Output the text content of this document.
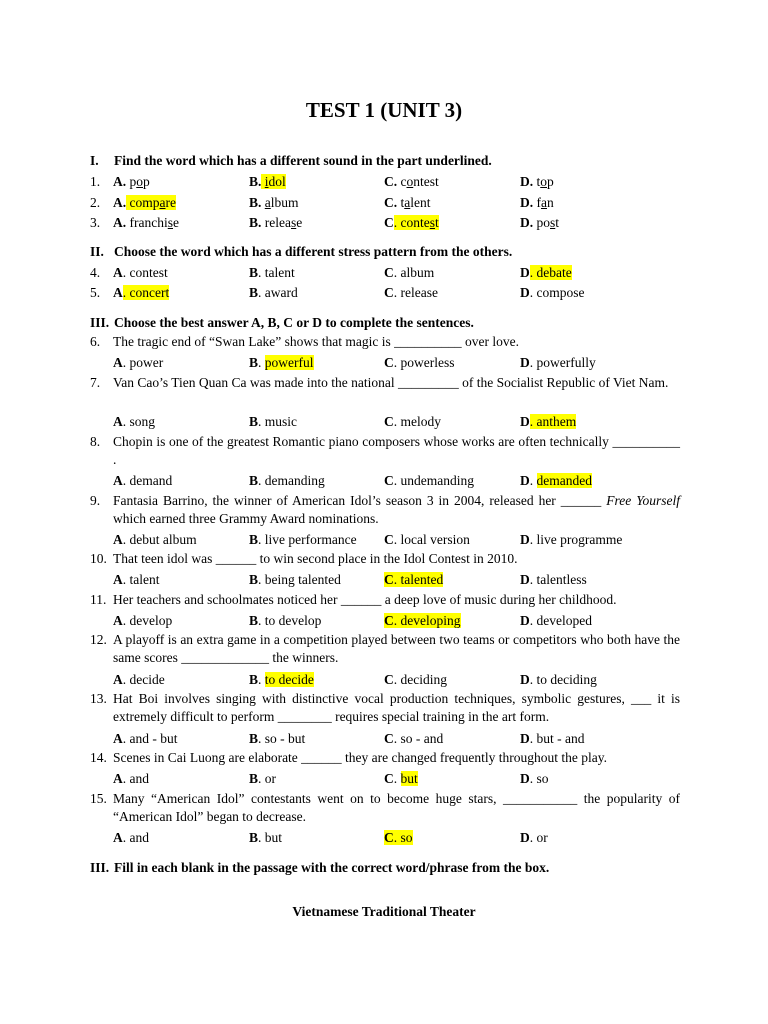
TEST 1 (UNIT 3)
I. Find the word which has a different sound in the part underlined.
1. A. pop	B. idol	C. contest	D. top
2. A. compare	B. album	C. talent	D. fan
3. A. franchise	B. release	C. contest	D. post
II. Choose the word which has a different stress pattern from the others.
4. A. contest	B. talent	C. album	D. debate
5. A. concert	B. award	C. release	D. compose
III. Choose the best answer A, B, C or D to complete the sentences.
6. The tragic end of “Swan Lake” shows that magic is __________ over love.
A. power	B. powerful	C. powerless	D. powerfully
7. Van Cao’s Tien Quan Ca was made into the national _________ of the Socialist Republic of Viet Nam.
A. song	B. music	C. melody	D. anthem
8. Chopin is one of the greatest Romantic piano composers whose works are often technically __________ .
A. demand	B. demanding	C. undemanding	D. demanded
9. Fantasia Barrino, the winner of American Idol’s season 3 in 2004, released her ______ Free Yourself which earned three Grammy Award nominations.
A. debut album	B. live performance C. local version	D. live programme
10. That teen idol was ______ to win second place in the Idol Contest in 2010.
A. talent	B. being talented	C. talented	D. talentless
11. Her teachers and schoolmates noticed her ______ a deep love of music during her childhood.
A. develop	B. to develop	C. developing	D. developed
12. A playoff is an extra game in a competition played between two teams or competitors who both have the same scores _____________ the winners.
A. decide	B. to decide	C. deciding	D. to deciding
13. Hat Boi involves singing with distinctive vocal production techniques, symbolic gestures, ___ it is extremely difficult to perform ________ requires special training in the art form.
A. and - but	B. so - but	C. so - and	D. but - and
14. Scenes in Cai Luong are elaborate ______ they are changed frequently throughout the play.
A. and	B. or	C. but	D. so
15. Many “American Idol” contestants went on to become huge stars, ___________ the popularity of “American Idol” began to decrease.
A. and	B. but	C. so	D. or
III. Fill in each blank in the passage with the correct word/phrase from the box.
Vietnamese Traditional Theater
